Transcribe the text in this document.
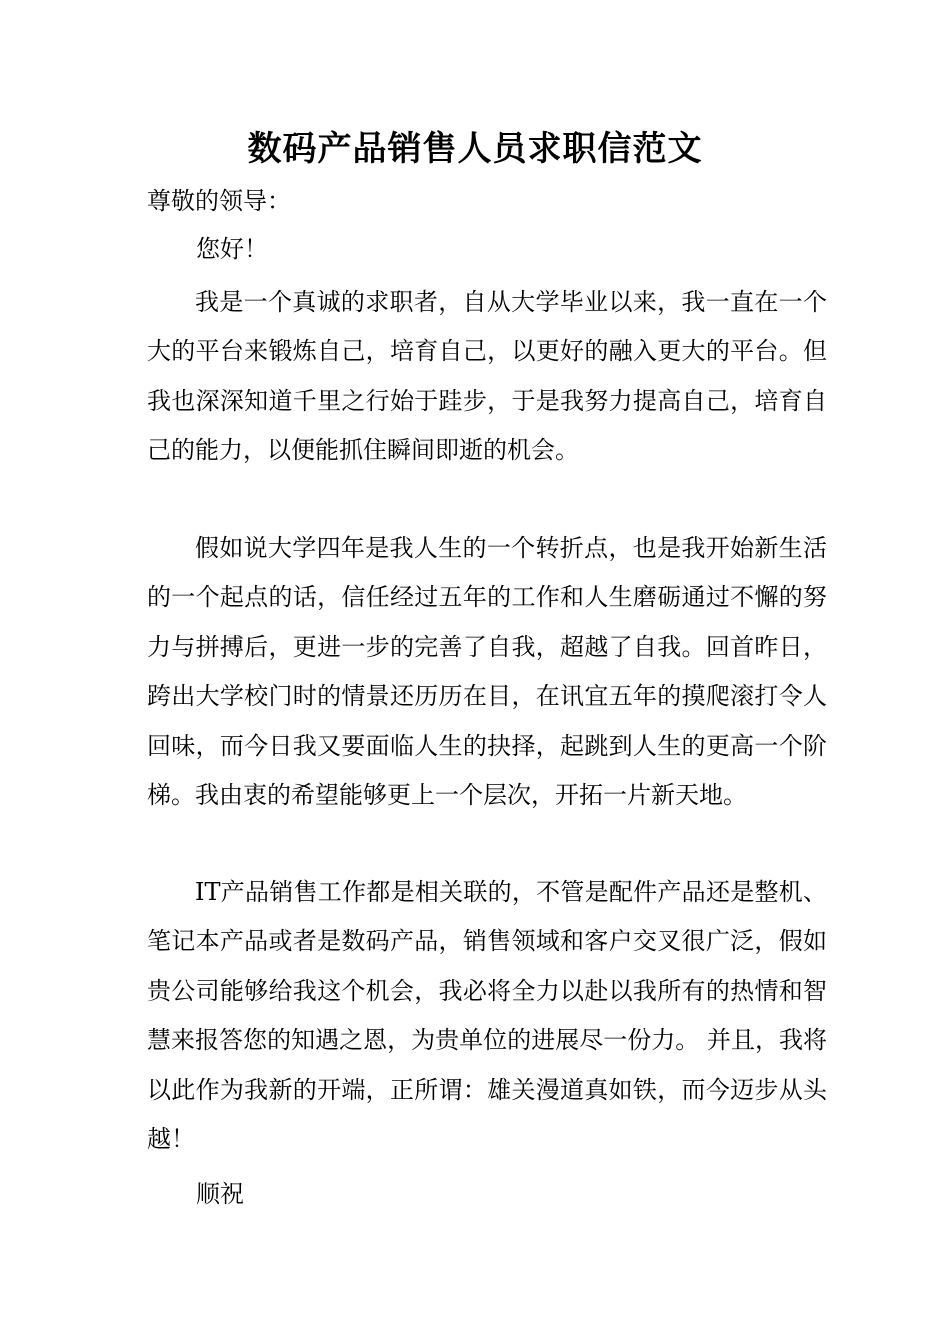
数码产品销售人员求职信范文

尊敬的领导：

您好！

我是一个真诚的求职者，自从大学毕业以来，我一直在一个大的平台来锻炼自己，培育自己，以更好的融入更大的平台。但我也深深知道千里之行始于跬步，于是我努力提高自己，培育自己的能力，以便能抓住瞬间即逝的机会。

假如说大学四年是我人生的一个转折点，也是我开始新生活的一个起点的话，信任经过五年的工作和人生磨砺通过不懈的努力与拼搏后，更进一步的完善了自我，超越了自我。回首昨日，跨出大学校门时的情景还历历在目，在讯宜五年的摸爬滚打令人回味，而今日我又要面临人生的抉择，起跳到人生的更高一个阶梯。我由衷的希望能够更上一个层次，开拓一片新天地。

IT产品销售工作都是相关联的，不管是配件产品还是整机、笔记本产品或者是数码产品，销售领域和客户交叉很广泛，假如贵公司能够给我这个机会，我必将全力以赴以我所有的热情和智慧来报答您的知遇之恩，为贵单位的进展尽一份力。 并且，我将以此作为我新的开端，正所谓：雄关漫道真如铁，而今迈步从头越！

顺祝
